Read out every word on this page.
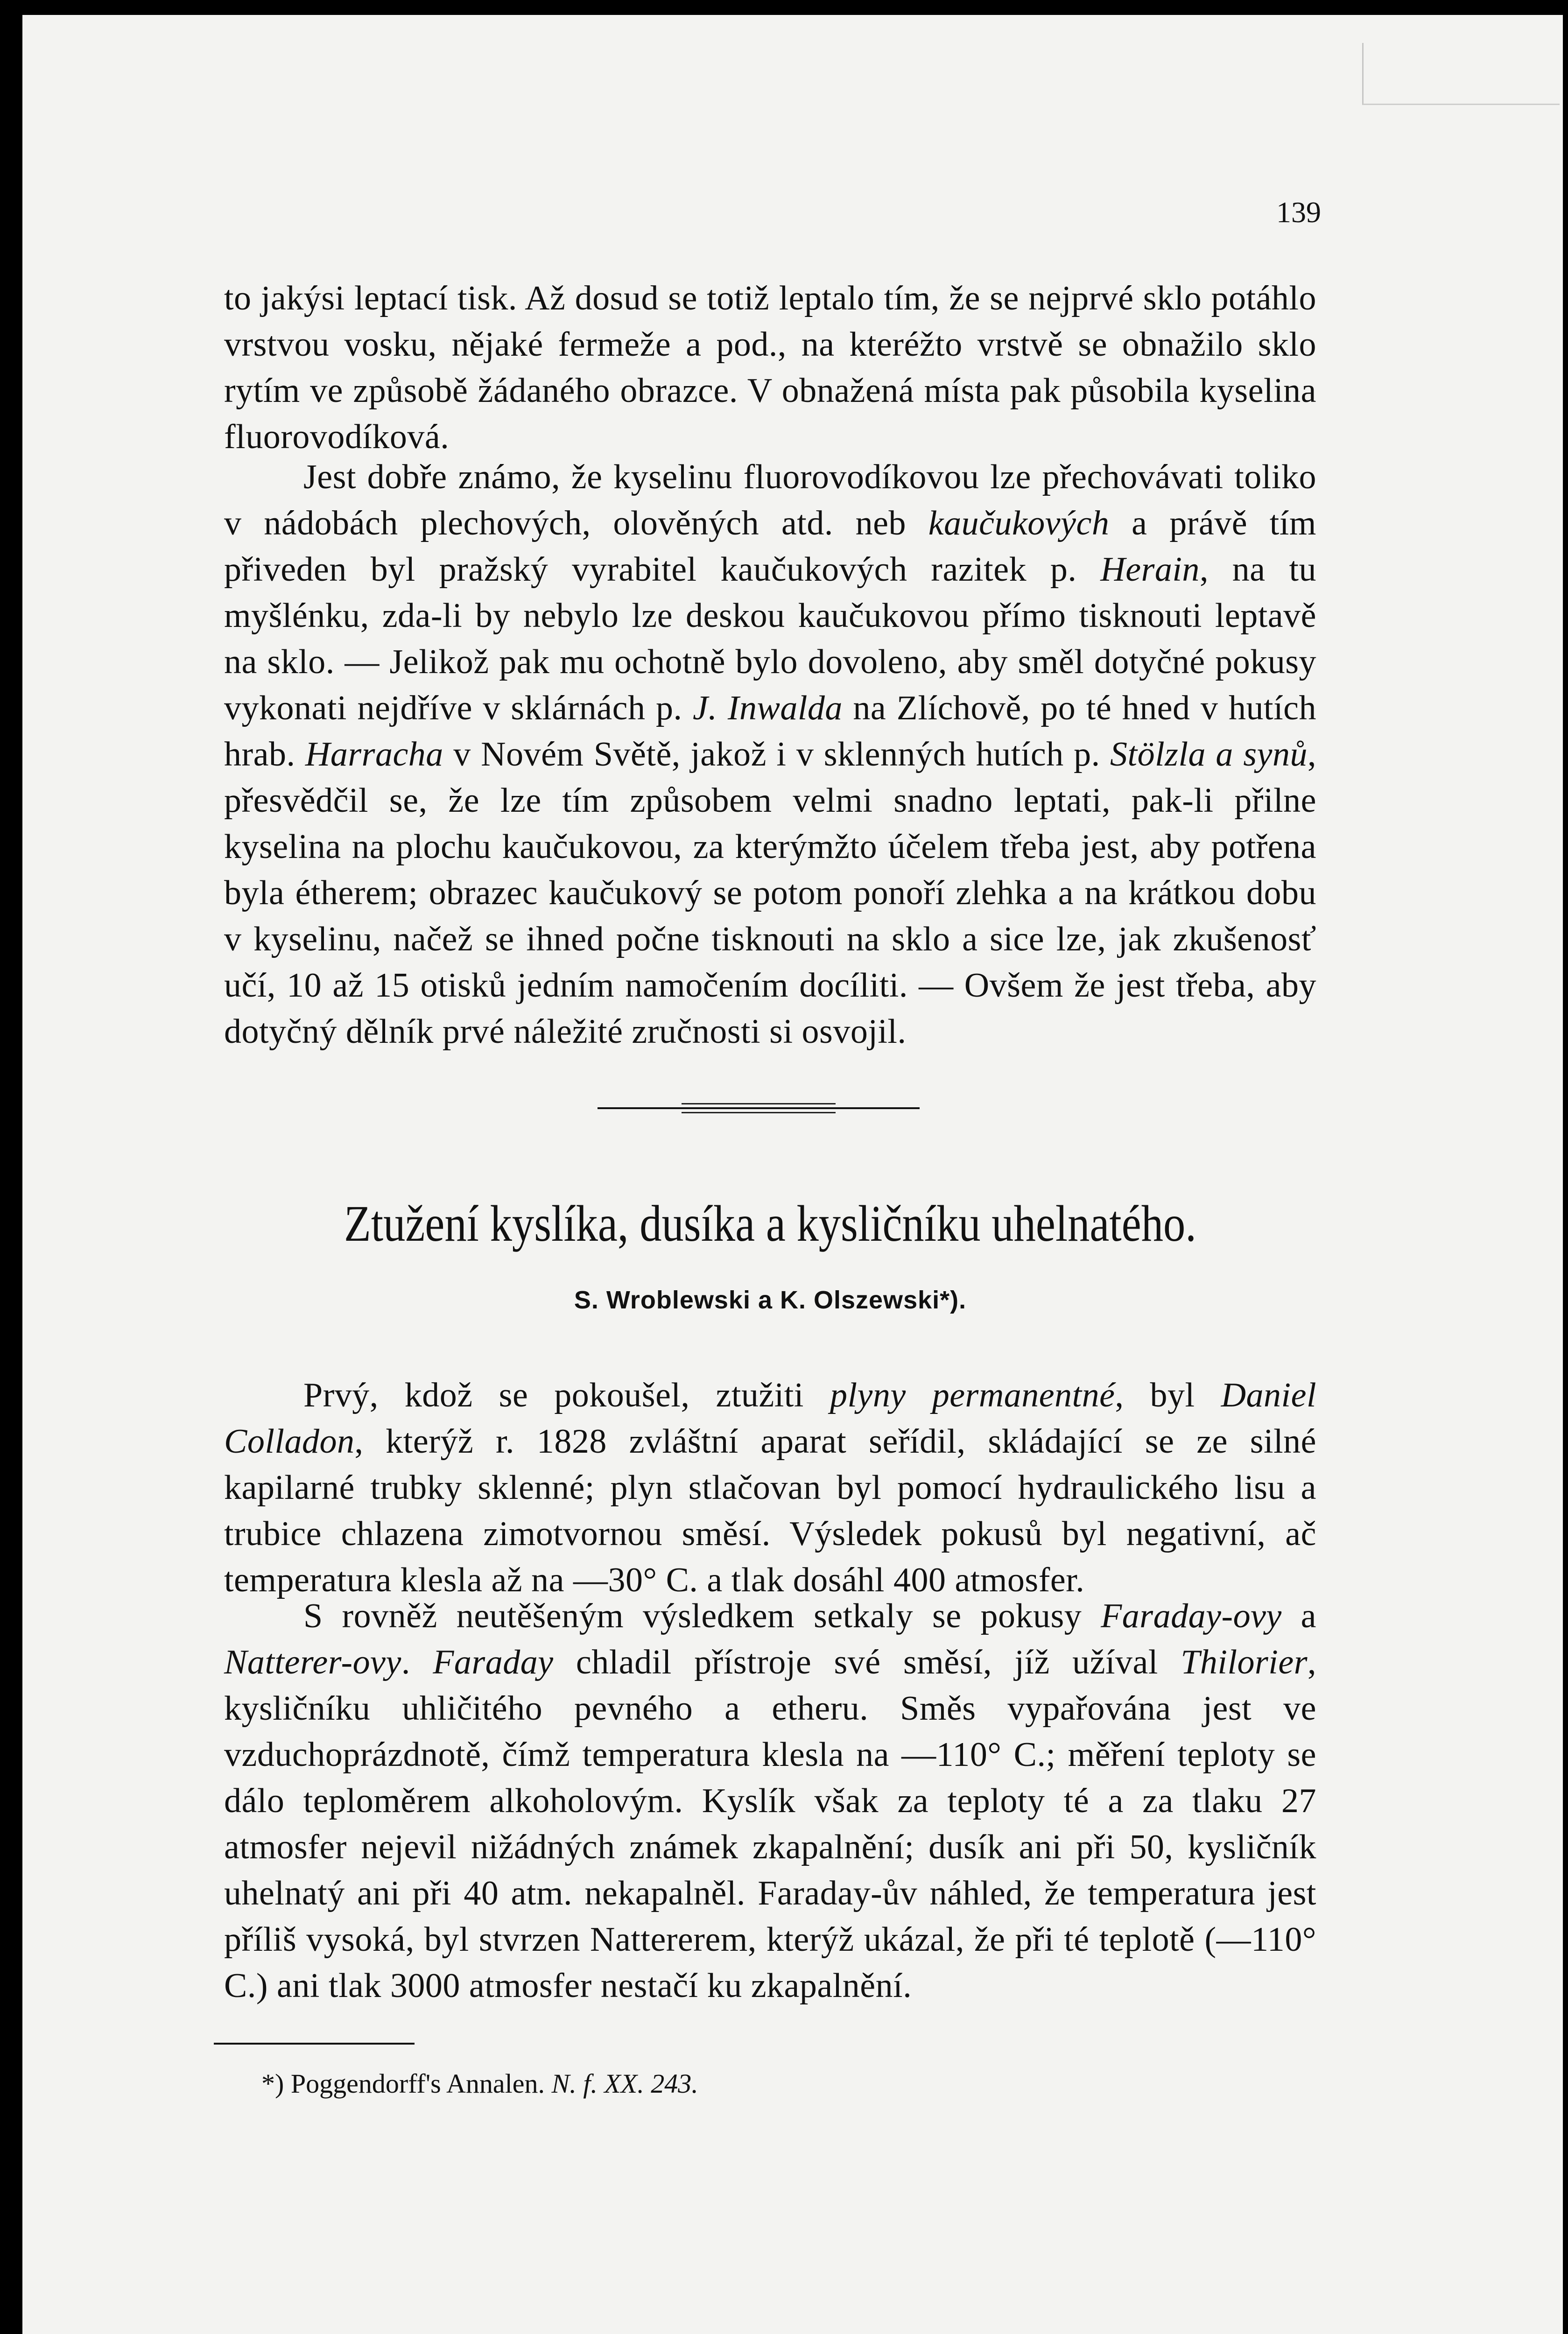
139

to jakýsi leptací tisk. Až dosud se totiž leptalo tím, že se nejprvé sklo potáhlo vrstvou vosku, nějaké fermeže a pod., na kteréžto vrstvě se obnažilo sklo rytím ve způsobě žádaného obrazce. V obnažená místa pak působila kyselina fluorovodíková.

Jest dobře známo, že kyselinu fluorovodíkovou lze přechovávati toliko v nádobách plechových, olověných atd. neb kaučukových a právě tím přiveden byl pražský vyrabitel kaučukových razitek p. Herain, na tu myšlénku, zda-li by nebylo lze deskou kaučukovou přímo tisknouti leptavě na sklo. — Jelikož pak mu ochotně bylo dovoleno, aby směl dotyčné pokusy vykonati nejdříve v sklárnách p. J. Inwalda na Zlíchově, po té hned v hutích hrab. Harracha v Novém Světě, jakož i v sklenných hutích p. Stölzla a synů, přesvědčil se, že lze tím způsobem velmi snadno leptati, pak-li přilne kyselina na plochu kaučukovou, za kterýmžto účelem třeba jest, aby potřena byla étherem; obrazec kaučukový se potom ponoří zlehka a na krátkou dobu v kyselinu, načež se ihned počne tisknouti na sklo a sice lze, jak zkušenosť učí, 10 až 15 otisků jedním namočením docíliti. — Ovšem že jest třeba, aby dotyčný dělník prvé náležité zručnosti si osvojil.

Ztužení kyslíka, dusíka a kysličníku uhelnatého.

S. Wroblewski a K. Olszewski*).

Prvý, kdož se pokoušel, ztužiti plyny permanentné, byl Daniel Colladon, kterýž r. 1828 zvláštní aparat seřídil, skládající se ze silné kapilarné trubky sklenné; plyn stlačovan byl pomocí hydraulického lisu a trubice chlazena zimotvornou směsí. Výsledek pokusů byl negativní, ač temperatura klesla až na —30° C. a tlak dosáhl 400 atmosfer.

S rovněž neutěšeným výsledkem setkaly se pokusy Faraday-ovy a Natterer-ovy. Faraday chladil přístroje své směsí, jíž užíval Thilorier, kysličníku uhličitého pevného a etheru. Směs vypařována jest ve vzduchoprázdnotě, čímž temperatura klesla na —110° C.; měření teploty se dálo teploměrem alkoholovým. Kyslík však za teploty té a za tlaku 27 atmosfer nejevil nižádných známek zkapalnění; dusík ani při 50, kysličník uhelnatý ani při 40 atm. nekapalněl. Faraday-ův náhled, že temperatura jest příliš vysoká, byl stvrzen Nattererem, kterýž ukázal, že při té teplotě (—110° C.) ani tlak 3000 atmosfer nestačí ku zkapalnění.

*) Poggendorff's Annalen. N. f. XX. 243.
